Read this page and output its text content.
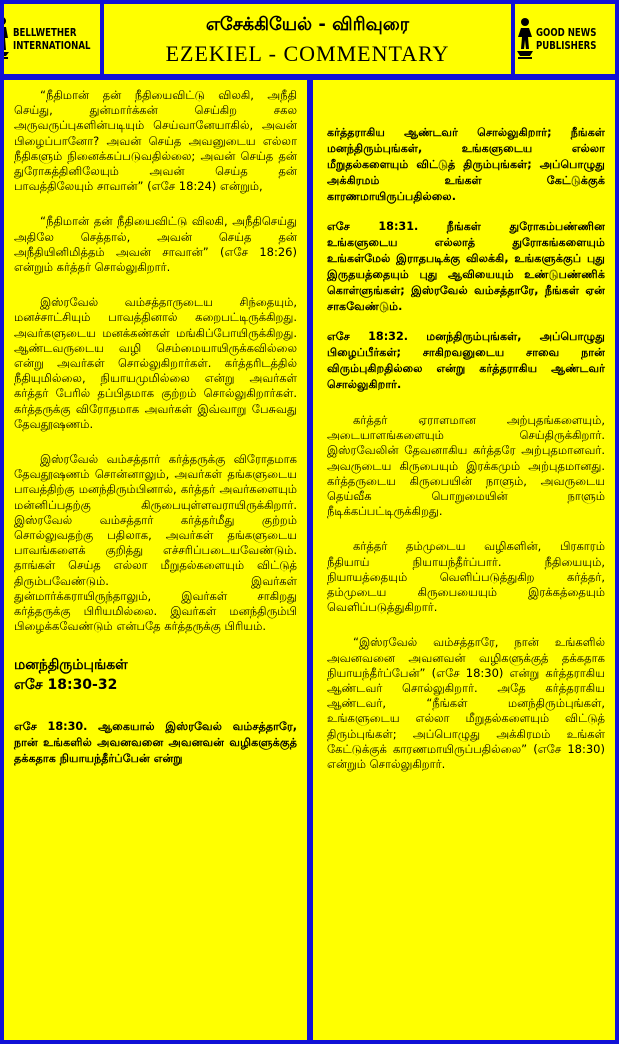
BELLWETHER
INTERNATIONAL
எசேக்கியேல் - விரிவுரை
EZEKIEL - COMMENTARY
GOOD NEWS
PUBLISHERS

“நீதிமான் தன் நீதியைவிட்டு விலகி, அநீதி செய்து, துன்மார்க்கன் செய்கிற சகல அருவருப்புகளின்படியும் செய்வானேயாகில், அவன் பிழைப்பானோ? அவன் செய்த அவனுடைய எல்லா நீதிகளும் நினைக்கப்படுவதில்லை; அவன் செய்த தன் துரோகத்தினிலேயும் அவன் செய்த தன் பாவத்திலேயும் சாவான்” (எசே 18:24) என்றும்,

“நீதிமான் தன் நீதியைவிட்டு விலகி, அநீதிசெய்து அதிலே செத்தால், அவன் செய்த தன் அநீதியினிமித்தம் அவன் சாவான்” (எசே 18:26) என்றும் கர்த்தர் சொல்லுகிறார்.

இஸ்ரவேல் வம்சத்தாருடைய சிந்தையும், மனச்சாட்சியும் பாவத்தினால் கறைபட்டிருக்கிறது. அவர்களுடைய மனக்கண்கள் மங்கிப்போயிருக்கிறது. ஆண்டவருடைய வழி செம்மையாயிருக்கவில்லை என்று அவர்கள் சொல்லுகிறார்கள். கர்த்தரிடத்தில் நீதியுமில்லை, நியாயமுமில்லை என்று அவர்கள் கர்த்தர் பேரில் தப்பிதமாக குற்றம் சொல்லுகிறார்கள். கர்த்தருக்கு விரோதமாக அவர்கள் இவ்வாறு பேசுவது தேவதூஷணம்.

இஸ்ரவேல் வம்சத்தார் கர்த்தருக்கு விரோதமாக தேவதூஷணம் சொன்னாலும், அவர்கள் தங்களுடைய பாவத்திற்கு மனந்திரும்பினால், கர்த்தர் அவர்களையும் மன்னிப்பதற்கு கிருபையுள்ளவராயிருக்கிறார். இஸ்ரவேல் வம்சத்தார் கர்த்தர்மீது குற்றம் சொல்லுவதற்கு பதிலாக, அவர்கள் தங்களுடைய பாவங்களைக் குறித்து எச்சரிப்படையவேண்டும். தாங்கள் செய்த எல்லா மீறுதல்களையும் விட்டுத் திரும்பவேண்டும். இவர்கள் துன்மார்க்கராயிருந்தாலும், இவர்கள் சாகிறது கர்த்தருக்கு பிரியமில்லை. இவர்கள் மனந்திரும்பி பிழைக்கவேண்டும் என்பதே கர்த்தருக்கு பிரியம்.

மனந்திரும்புங்கள்
எசே 18:30-32

எசே 18:30. ஆகையால் இஸ்ரவேல் வம்சத்தாரே, நான் உங்களில் அவனவனை அவனவன் வழிகளுக்குத் தக்கதாக நியாயந்தீர்ப்பேன் என்று

கர்த்தராகிய ஆண்டவர் சொல்லுகிறார்; நீங்கள் மனந்திரும்புங்கள், உங்களுடைய எல்லா மீறுதல்களையும் விட்டுத் திரும்புங்கள்; அப்பொழுது அக்கிரமம் உங்கள் கேட்டுக்குக் காரணமாயிருப்பதில்லை.

எசே 18:31. நீங்கள் துரோகம்பண்ணின உங்களுடைய எல்லாத் துரோகங்களையும் உங்கள்மேல் இராதபடிக்கு விலக்கி, உங்களுக்குப் புது இருதயத்தையும் புது ஆவியையும் உண்டுபண்ணிக் கொள்ளுங்கள்; இஸ்ரவேல் வம்சத்தாரே, நீங்கள் ஏன் சாகவேண்டும்.

எசே 18:32. மனந்திரும்புங்கள், அப்பொழுது பிழைப்பீர்கள்; சாகிறவனுடைய சாவை நான் விரும்புகிறதில்லை என்று கர்த்தராகிய ஆண்டவர் சொல்லுகிறார்.

கர்த்தர் ஏராளமான அற்புதங்களையும், அடையாளங்களையும் செய்திருக்கிறார். இஸ்ரவேலின் தேவனாகிய கர்த்தரே அற்புதமானவர். அவருடைய கிருபையும் இரக்கமும் அற்புதமானது. கர்த்தருடைய கிருபையின் நாளும், அவருடைய தெய்வீக பொறுமையின் நாளும் நீடிக்கப்பட்டிருக்கிறது.

கர்த்தர் தம்முடைய வழிகளின், பிரகாரம் நீதியாய் நியாயந்தீர்ப்பார். நீதியையும், நியாயத்தையும் வெளிப்படுத்துகிற கர்த்தர், தம்முடைய கிருபையையும் இரக்கத்தையும் வெளிப்படுத்துகிறார்.

“இஸ்ரவேல் வம்சத்தாரே, நான் உங்களில் அவனவனை அவனவன் வழிகளுக்குத் தக்கதாக நியாயந்தீர்ப்பேன்” (எசே 18:30) என்று கர்த்தராகிய ஆண்டவர் சொல்லுகிறார். அதே கர்த்தராகிய ஆண்டவர், “நீங்கள் மனந்திரும்புங்கள், உங்களுடைய எல்லா மீறுதல்களையும் விட்டுத் திரும்புங்கள்; அப்பொழுது அக்கிரமம் உங்கள் கேட்டுக்குக் காரணமாயிருப்பதில்லை” (எசே 18:30) என்றும் சொல்லுகிறார்.
